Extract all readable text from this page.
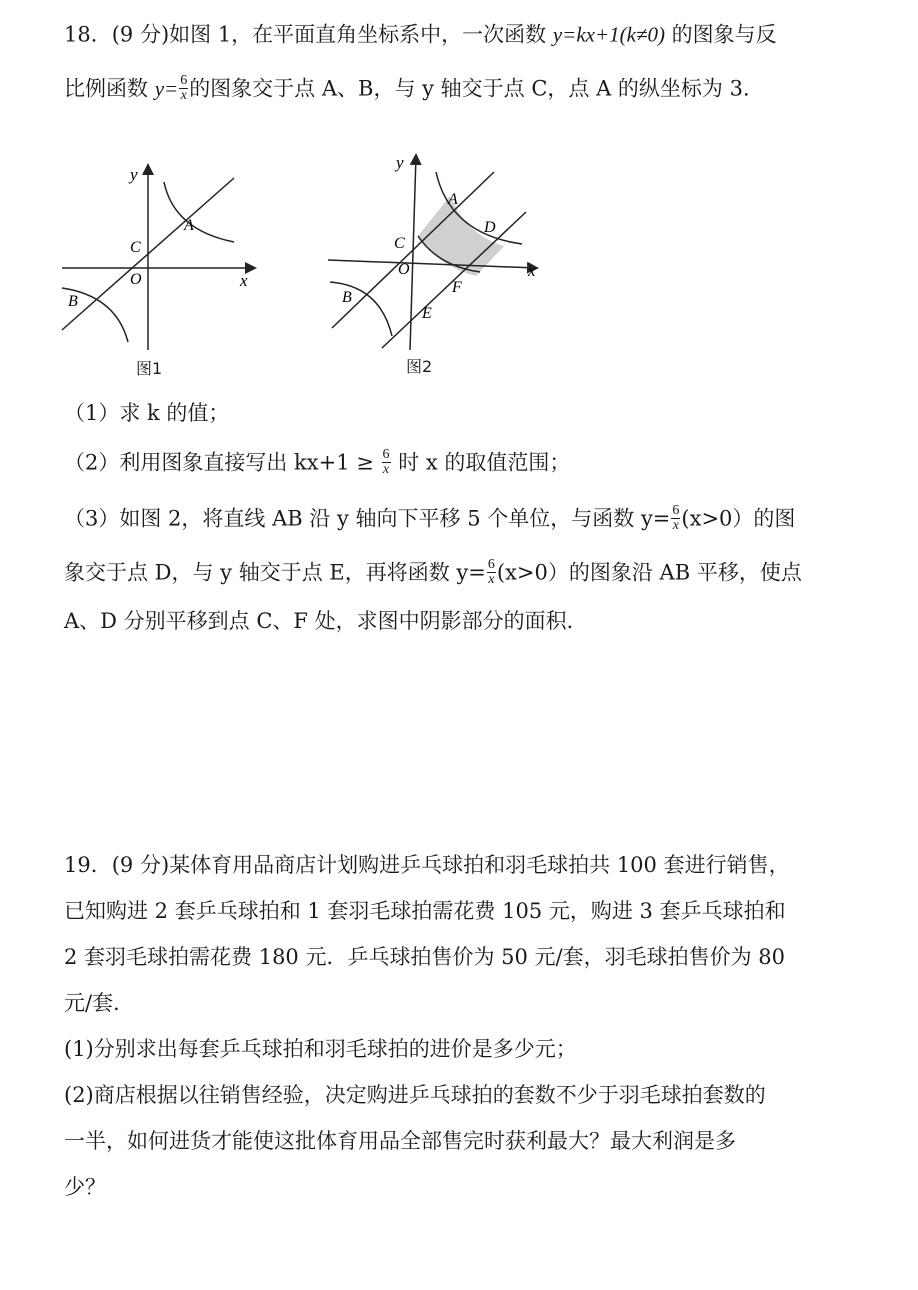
18．(9 分)如图 1，在平面直角坐标系中，一次函数 y=kx+1(k≠0) 的图象与反
比例函数 $y= \frac{6}{x}$ 的图象交于点 A、B，与 y 轴交于点 C，点 A 的纵坐标为 3．
y
x
A
B
C
O
图1
y
x
A
D
C
O
F
B
E
图2
（1）求 k 的值；
（2）利用图象直接写出 $kx+1 \ge \frac{6}{x}$ 时 x 的取值范围；
（3）如图 2，将直线 AB 沿 y 轴向下平移 5 个单位，与函数 $y= \frac{6}{x} (x>0)$的图
象交于点 D，与 y 轴交于点 E，再将函数 $y= \frac{6}{x} (x>0)$的图象沿 AB 平移，使点
A、D 分别平移到点 C、F 处，求图中阴影部分的面积．
19．(9 分)某体育用品商店计划购进乒乓球拍和羽毛球拍共 100 套进行销售，
已知购进 2 套乒乓球拍和 1 套羽毛球拍需花费 105 元，购进 3 套乒乓球拍和
2 套羽毛球拍需花费 180 元．乒乓球拍售价为 50 元/套，羽毛球拍售价为 80
元/套．
(1)分别求出每套乒乓球拍和羽毛球拍的进价是多少元；
(2)商店根据以往销售经验，决定购进乒乓球拍的套数不少于羽毛球拍套数的
一半，如何进货才能使这批体育用品全部售完时获利最大？最大利润是多
少？
